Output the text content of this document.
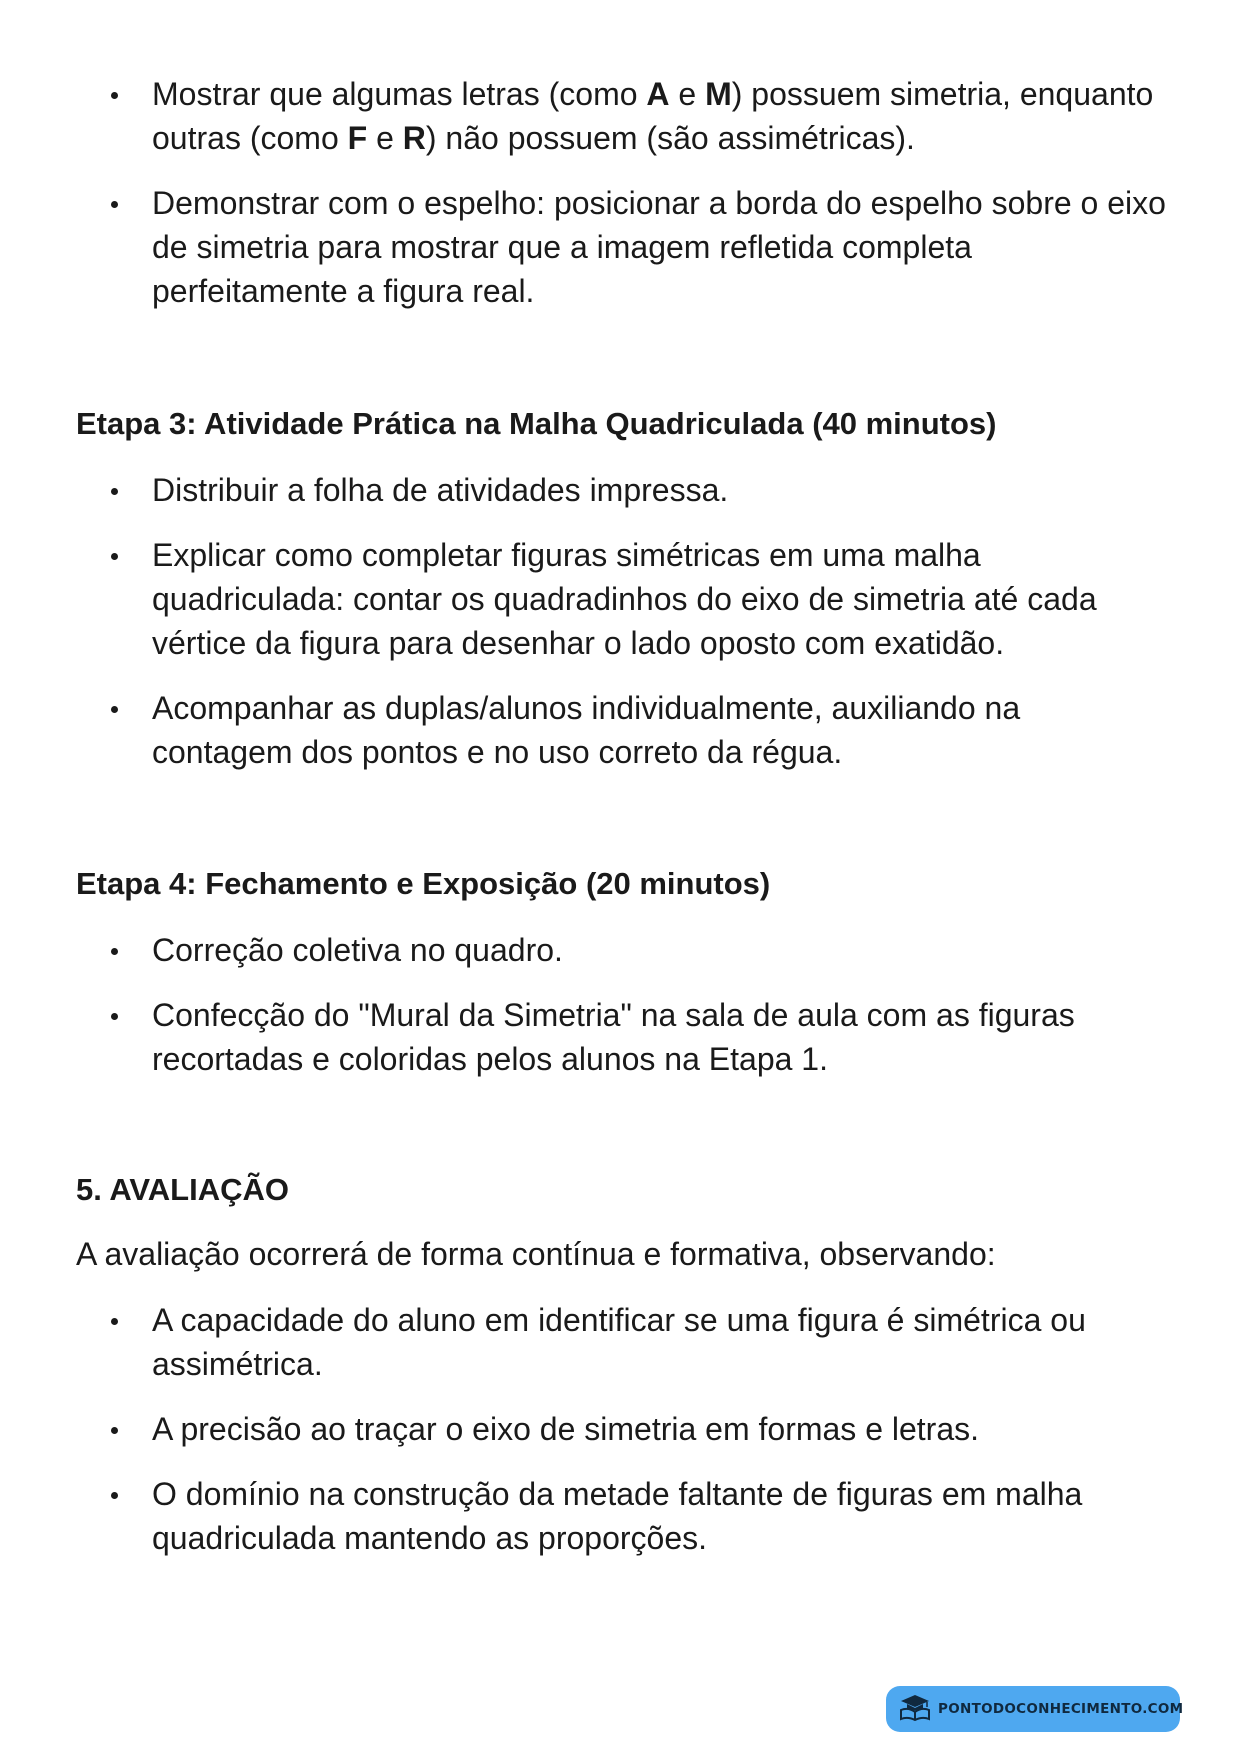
Mostrar que algumas letras (como A e M) possuem simetria, enquanto outras (como F e R) não possuem (são assimétricas).
Demonstrar com o espelho: posicionar a borda do espelho sobre o eixo de simetria para mostrar que a imagem refletida completa perfeitamente a figura real.
Etapa 3: Atividade Prática na Malha Quadriculada (40 minutos)
Distribuir a folha de atividades impressa.
Explicar como completar figuras simétricas em uma malha quadriculada: contar os quadradinhos do eixo de simetria até cada vértice da figura para desenhar o lado oposto com exatidão.
Acompanhar as duplas/alunos individualmente, auxiliando na contagem dos pontos e no uso correto da régua.
Etapa 4: Fechamento e Exposição (20 minutos)
Correção coletiva no quadro.
Confecção do "Mural da Simetria" na sala de aula com as figuras recortadas e coloridas pelos alunos na Etapa 1.
5. AVALIAÇÃO
A avaliação ocorrerá de forma contínua e formativa, observando:
A capacidade do aluno em identificar se uma figura é simétrica ou assimétrica.
A precisão ao traçar o eixo de simetria em formas e letras.
O domínio na construção da metade faltante de figuras em malha quadriculada mantendo as proporções.
PONTODOCONHECIMENTO.COM
